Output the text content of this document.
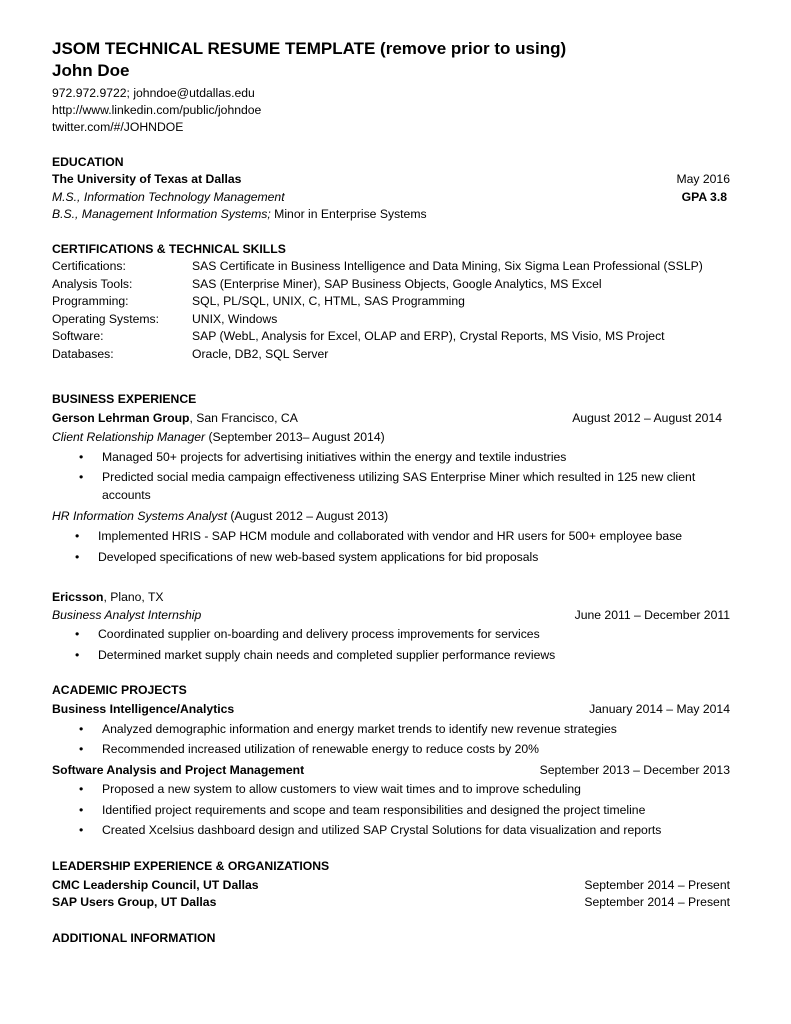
JSOM TECHNICAL RESUME TEMPLATE (remove prior to using)
John Doe
972.972.9722; johndoe@utdallas.edu
http://www.linkedin.com/public/johndoe
twitter.com/#/JOHNDOE
EDUCATION
The University of Texas at Dallas	May 2016
M.S., Information Technology Management	GPA 3.8
B.S., Management Information Systems; Minor in Enterprise Systems
CERTIFICATIONS & TECHNICAL SKILLS
Certifications:	SAS Certificate in Business Intelligence and Data Mining, Six Sigma Lean Professional (SSLP)
Analysis Tools:	SAS (Enterprise Miner), SAP Business Objects, Google Analytics, MS Excel
Programming:	SQL, PL/SQL, UNIX, C, HTML, SAS Programming
Operating Systems:	UNIX, Windows
Software:	SAP (WebL, Analysis for Excel, OLAP and ERP), Crystal Reports, MS Visio, MS Project
Databases:	Oracle, DB2, SQL Server
BUSINESS EXPERIENCE
Gerson Lehrman Group, San Francisco, CA	August 2012 – August 2014
Client Relationship Manager (September 2013– August 2014)
• Managed 50+ projects for advertising initiatives within the energy and textile industries
• Predicted social media campaign effectiveness utilizing SAS Enterprise Miner which resulted in 125 new client accounts
HR Information Systems Analyst (August 2012 – August 2013)
• Implemented HRIS - SAP HCM module and collaborated with vendor and HR users for 500+ employee base
• Developed specifications of new web-based system applications for bid proposals
Ericsson, Plano, TX
Business Analyst Internship	June 2011 – December 2011
• Coordinated supplier on-boarding and delivery process improvements for services
• Determined market supply chain needs and completed supplier performance reviews
ACADEMIC PROJECTS
Business Intelligence/Analytics	January 2014 – May 2014
• Analyzed demographic information and energy market trends to identify new revenue strategies
• Recommended increased utilization of renewable energy to reduce costs by 20%
Software Analysis and Project Management	September 2013 – December 2013
• Proposed a new system to allow customers to view wait times and to improve scheduling
• Identified project requirements and scope and team responsibilities and designed the project timeline
• Created Xcelsius dashboard design and utilized SAP Crystal Solutions for data visualization and reports
LEADERSHIP EXPERIENCE & ORGANIZATIONS
CMC Leadership Council, UT Dallas	September 2014 – Present
SAP Users Group, UT Dallas	September 2014 – Present
ADDITIONAL INFORMATION
